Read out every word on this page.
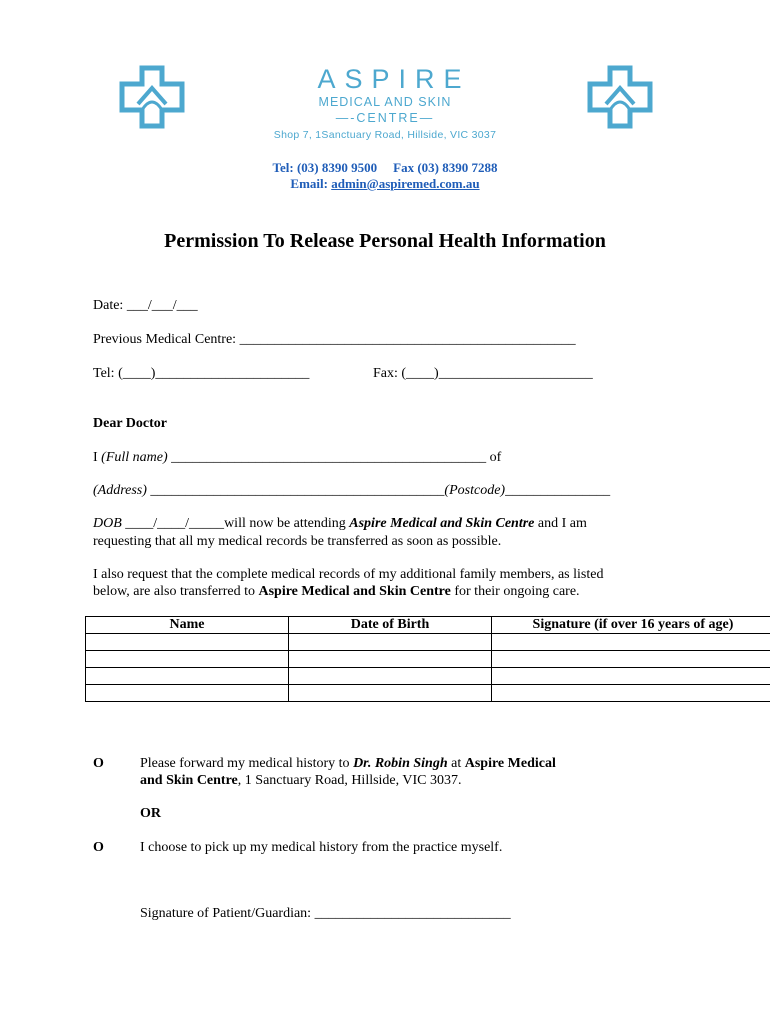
ASPIRE
MEDICAL AND SKIN
—-CENTRE—
Shop 7, 1Sanctuary Road, Hillside, VIC 3037
Tel: (03) 8390 9500 Fax (03) 8390 7288
Email: admin@aspiremed.com.au
Permission To Release Personal Health Information
Date: ___/___/___
Previous Medical Centre: ________________________________________________
Tel: (____)______________________	Fax: (____)______________________
Dear Doctor
I (Full name) _____________________________________________ of
(Address) __________________________________________(Postcode)_______________
DOB ____/____/_____will now be attending Aspire Medical and Skin Centre and I am
requesting that all my medical records be transferred as soon as possible.
I also request that the complete medical records of my additional family members, as listed
below, are also transferred to Aspire Medical and Skin Centre for their ongoing care.
Name	Date of Birth	Signature (if over 16 years of age)

O	Please forward my medical history to Dr. Robin Singh at Aspire Medical
and Skin Centre, 1 Sanctuary Road, Hillside, VIC 3037.
OR
O	I choose to pick up my medical history from the practice myself.
Signature of Patient/Guardian: ____________________________
